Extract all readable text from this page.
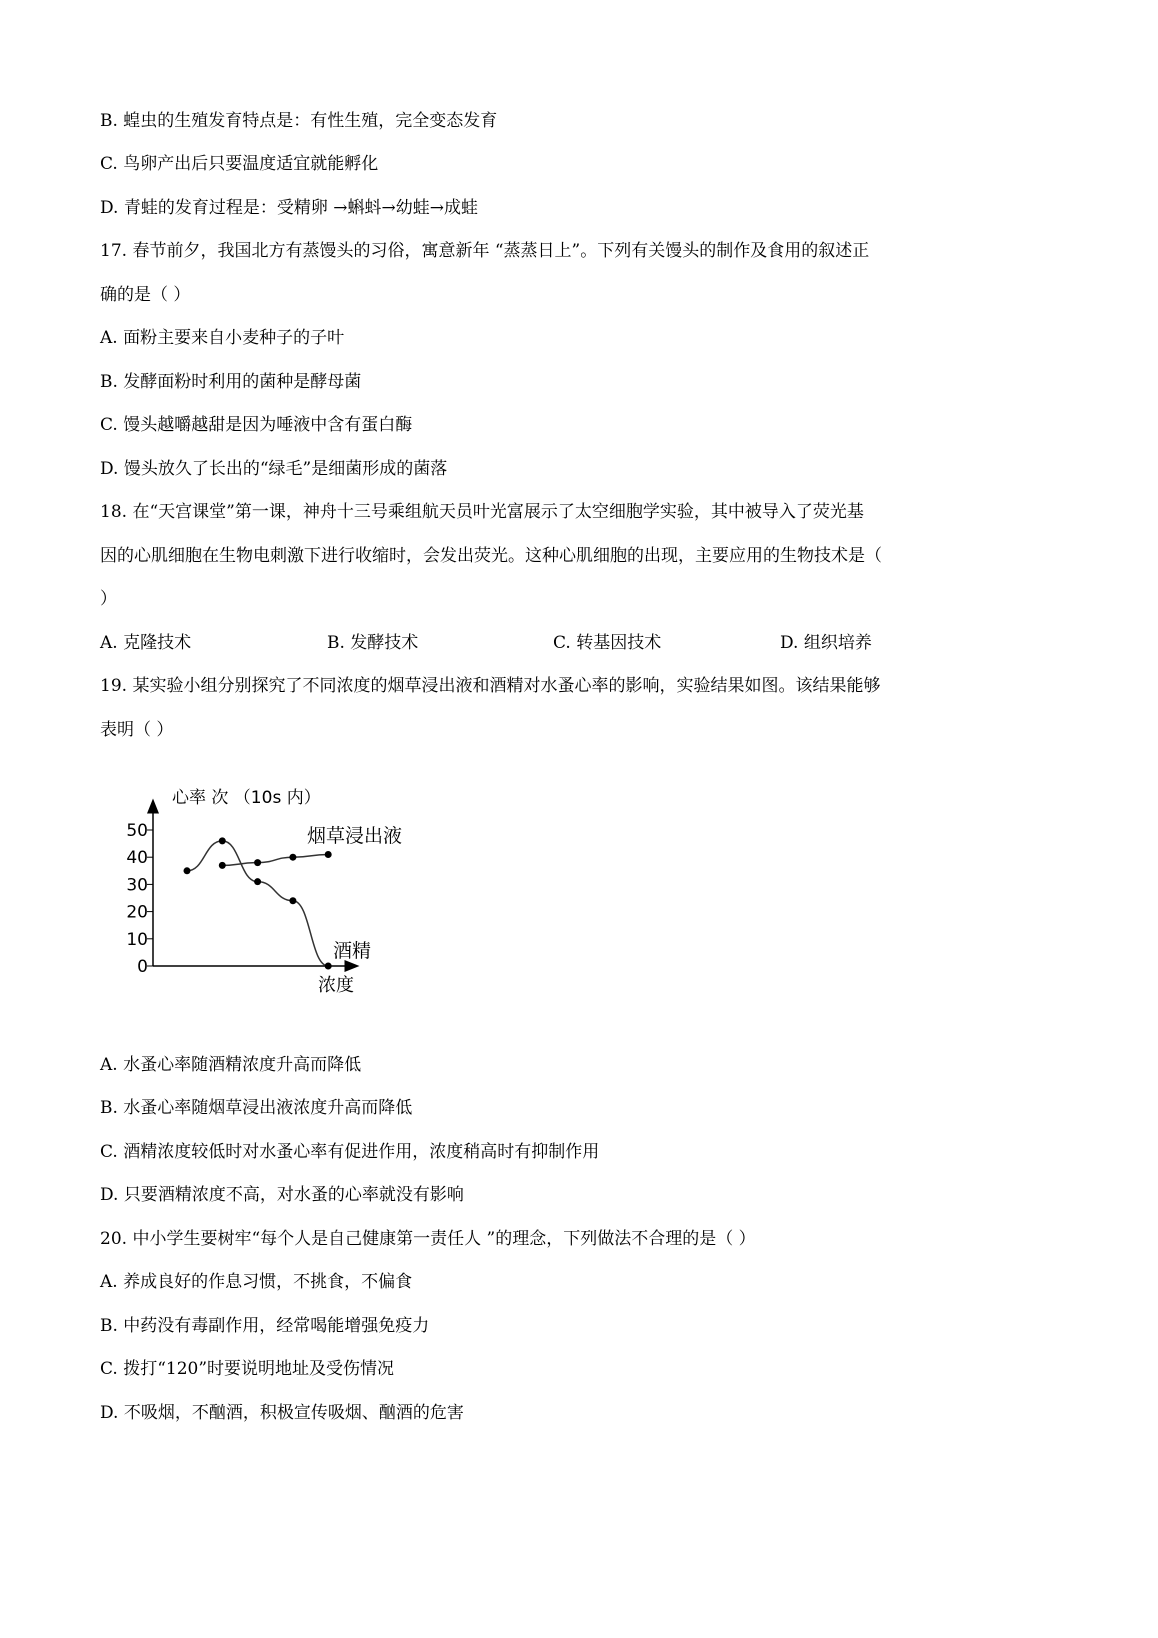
B. 蝗虫的生殖发育特点是：有性生殖，完全变态发育
C. 鸟卵产出后只要温度适宜就能孵化
D. 青蛙的发育过程是：受精卵 →蝌蚪→幼蛙→成蛙
17. 春节前夕，我国北方有蒸馒头的习俗，寓意新年 “蒸蒸日上”。下列有关馒头的制作及食用的叙述正
确的是（ ）
A. 面粉主要来自小麦种子的子叶
B. 发酵面粉时利用的菌种是酵母菌
C. 馒头越嚼越甜是因为唾液中含有蛋白酶
D. 馒头放久了长出的“绿毛”是细菌形成的菌落
18. 在“天宫课堂”第一课，神舟十三号乘组航天员叶光富展示了太空细胞学实验，其中被导入了荧光基
因的心肌细胞在生物电刺激下进行收缩时，会发出荧光。这种心肌细胞的出现，主要应用的生物技术是（
）
A. 克隆技术	B. 发酵技术	C. 转基因技术	D. 组织培养
19. 某实验小组分别探究了不同浓度的烟草浸出液和酒精对水蚤心率的影响，实验结果如图。该结果能够
表明（ ）
心率 次 （10s 内）
浓度
0
10
20
30
40
50	烟草浸出液
酒精
A. 水蚤心率随酒精浓度升高而降低
B. 水蚤心率随烟草浸出液浓度升高而降低
C. 酒精浓度较低时对水蚤心率有促进作用，浓度稍高时有抑制作用
D. 只要酒精浓度不高，对水蚤的心率就没有影响
20. 中小学生要树牢“每个人是自己健康第一责任人 ”的理念，下列做法不合理的是（ ）
A. 养成良好的作息习惯，不挑食，不偏食
B. 中药没有毒副作用，经常喝能增强免疫力
C. 拨打“120”时要说明地址及受伤情况
D. 不吸烟，不酗酒，积极宣传吸烟、酗酒的危害
